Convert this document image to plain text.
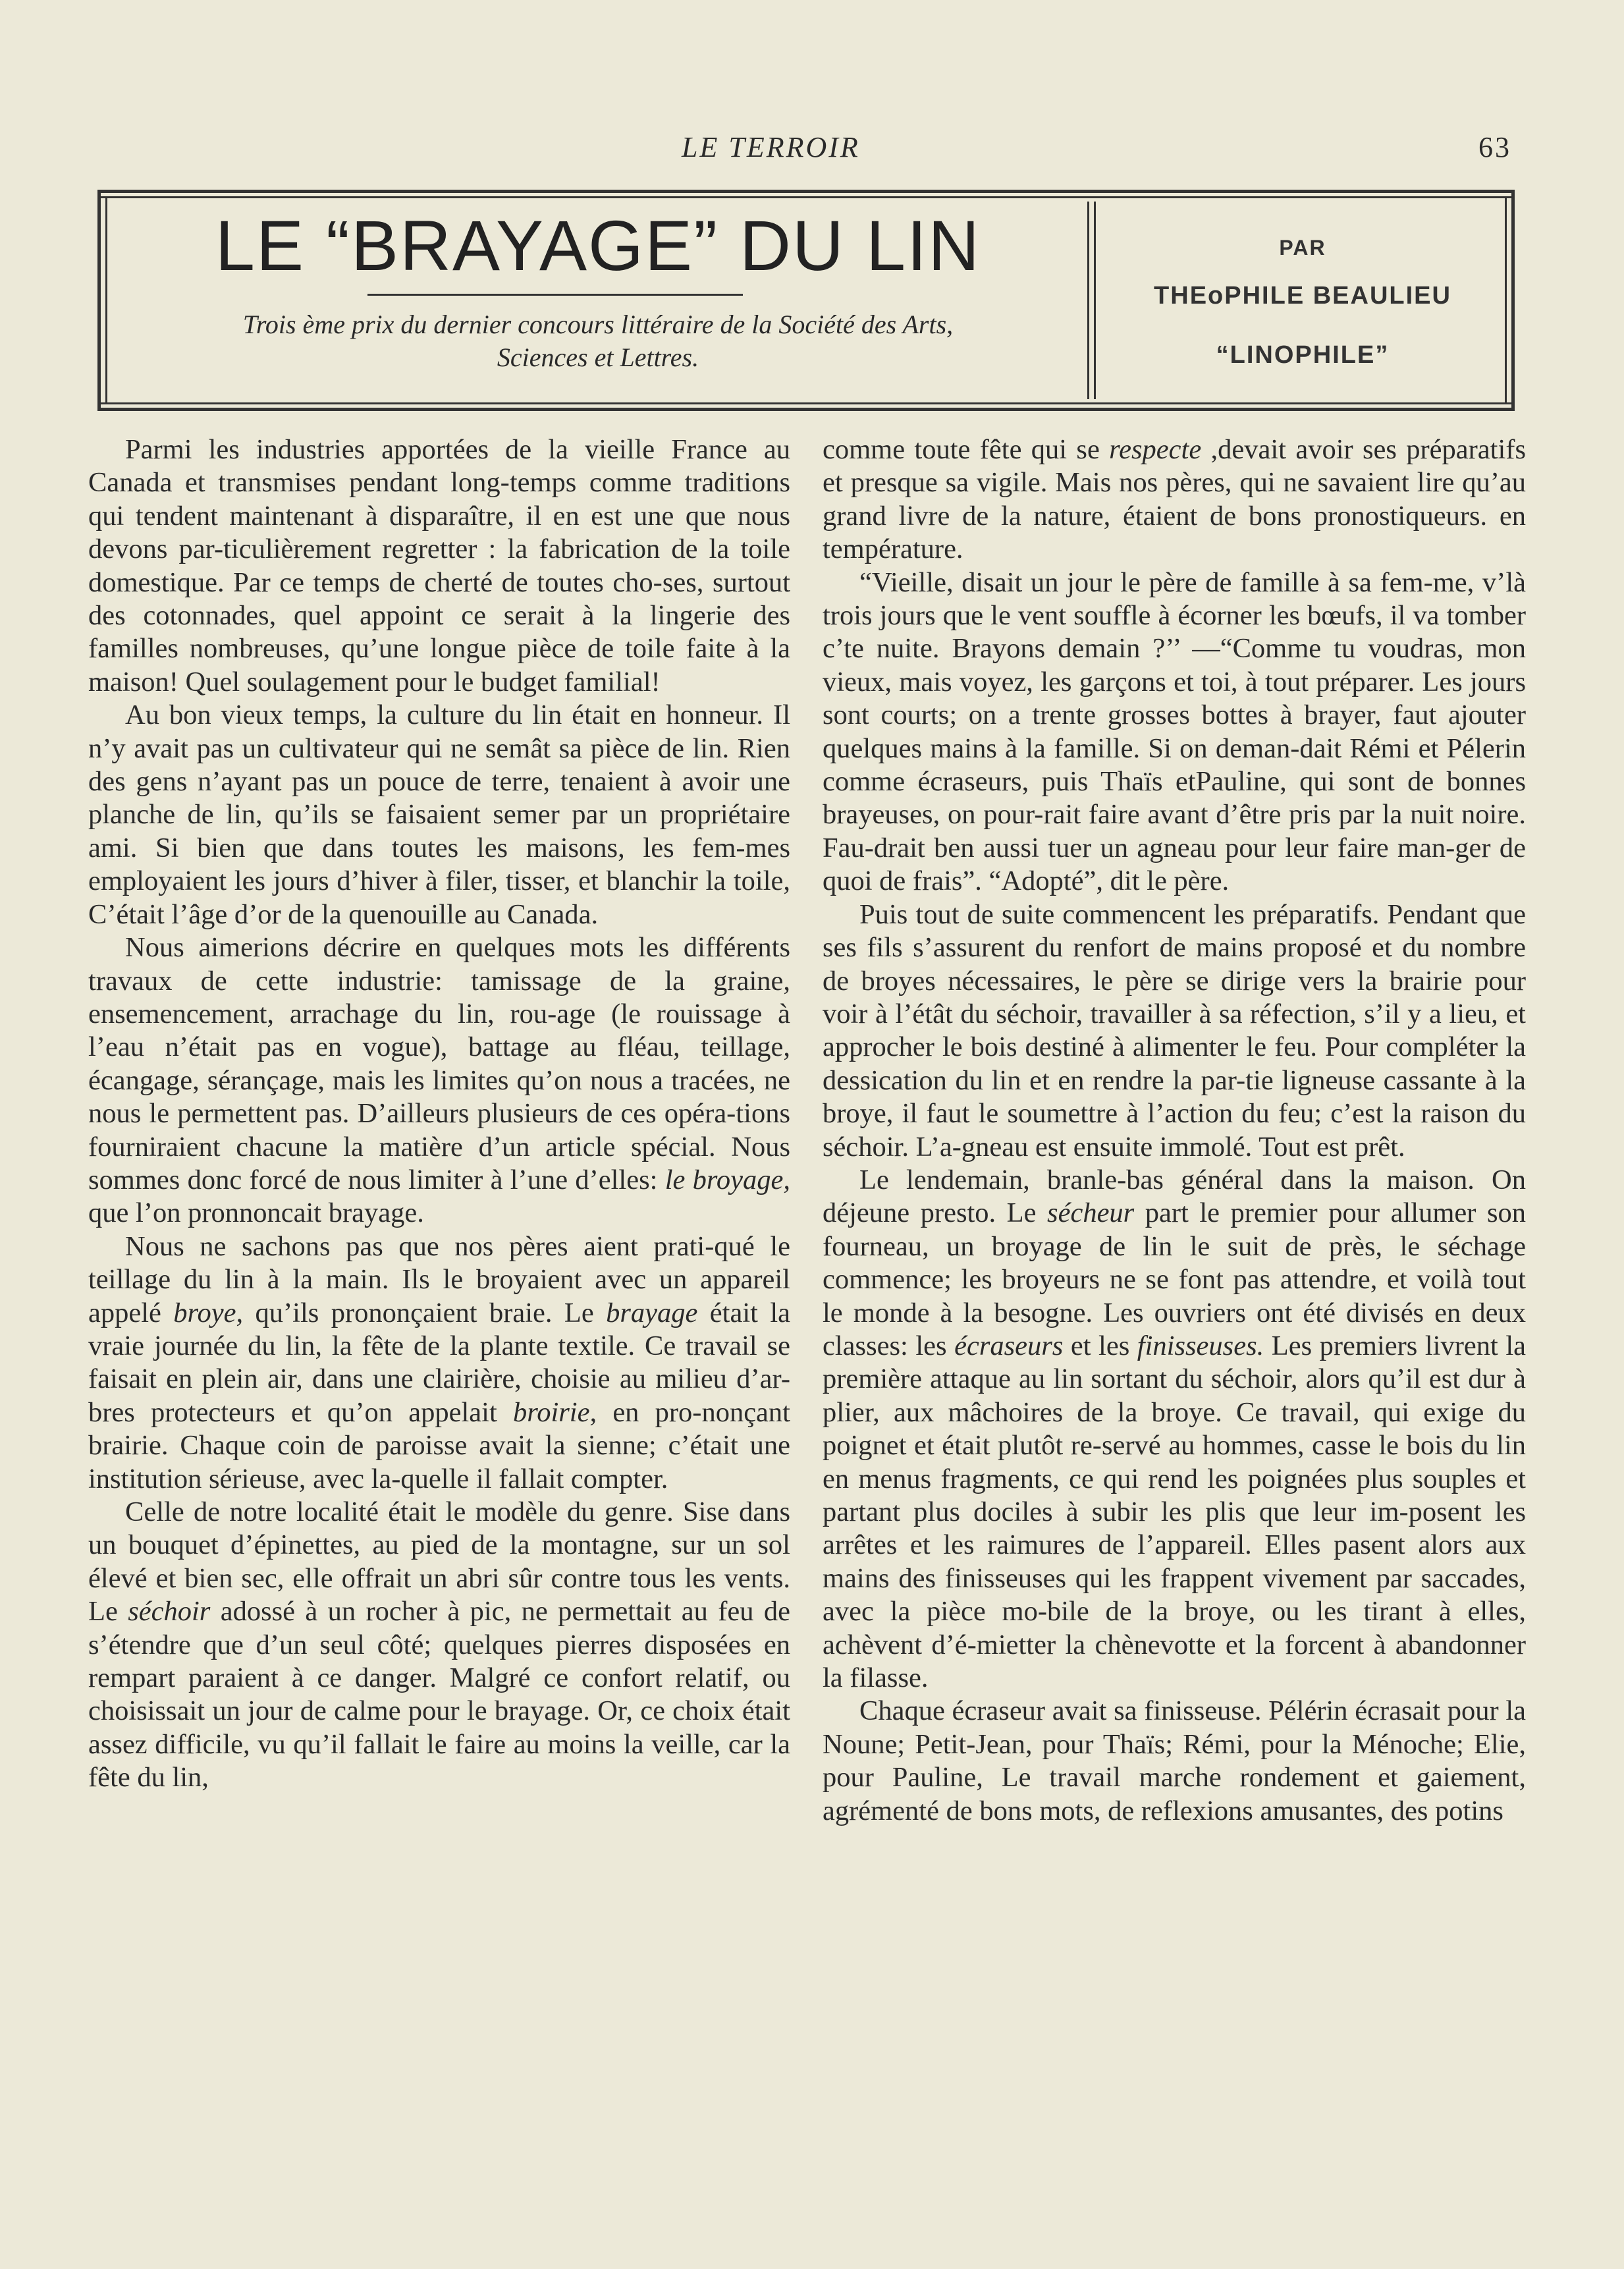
LE TERROIR	63
LE “BRAYAGE” DU LIN
Trois ème prix du dernier concours littéraire de la Société des Arts,
Sciences et Lettres.
PAR
THEoPHILE BEAULIEU
“LINOPHILE”

Parmi les industries apportées de la vieille France au Canada et transmises pendant long-temps comme traditions qui tendent maintenant à disparaître, il en est une que nous devons par-ticulièrement regretter : la fabrication de la toile domestique. Par ce temps de cherté de toutes cho-ses, surtout des cotonnades, quel appoint ce serait à la lingerie des familles nombreuses, qu’une longue pièce de toile faite à la maison! Quel soulagement pour le budget familial!

Au bon vieux temps, la culture du lin était en honneur. Il n’y avait pas un cultivateur qui ne semât sa pièce de lin. Rien des gens n’ayant pas un pouce de terre, tenaient à avoir une planche de lin, qu’ils se faisaient semer par un propriétaire ami. Si bien que dans toutes les maisons, les fem-mes employaient les jours d’hiver à filer, tisser, et blanchir la toile, C’était l’âge d’or de la quenouille au Canada.

Nous aimerions décrire en quelques mots les différents travaux de cette industrie: tamissage de la graine, ensemencement, arrachage du lin, rou-age (le rouissage à l’eau n’était pas en vogue), battage au fléau, teillage, écangage, sérançage, mais les limites qu’on nous a tracées, ne nous le permettent pas. D’ailleurs plusieurs de ces opéra-tions fourniraient chacune la matière d’un article spécial. Nous sommes donc forcé de nous limiter à l’une d’elles: le broyage, que l’on pronnoncait brayage.

Nous ne sachons pas que nos pères aient prati-qué le teillage du lin à la main. Ils le broyaient avec un appareil appelé broye, qu’ils prononçaient braie. Le brayage était la vraie journée du lin, la fête de la plante textile. Ce travail se faisait en plein air, dans une clairière, choisie au milieu d’ar-bres protecteurs et qu’on appelait broirie, en pro-nonçant brairie. Chaque coin de paroisse avait la sienne; c’était une institution sérieuse, avec la-quelle il fallait compter.

Celle de notre localité était le modèle du genre. Sise dans un bouquet d’épinettes, au pied de la montagne, sur un sol élevé et bien sec, elle offrait un abri sûr contre tous les vents. Le séchoir adossé à un rocher à pic, ne permettait au feu de s’étendre que d’un seul côté; quelques pierres disposées en rempart paraient à ce danger. Malgré ce confort relatif, ou choisissait un jour de calme pour le brayage. Or, ce choix était assez difficile, vu qu’il fallait le faire au moins la veille, car la fête du lin,

comme toute fête qui se respecte ,devait avoir ses préparatifs et presque sa vigile. Mais nos pères, qui ne savaient lire qu’au grand livre de la nature, étaient de bons pronostiqueurs. en température.

“Vieille, disait un jour le père de famille à sa fem-me, v’là trois jours que le vent souffle à écorner les bœufs, il va tomber c’te nuite. Brayons demain ?’’ —“Comme tu voudras, mon vieux, mais voyez, les garçons et toi, à tout préparer. Les jours sont courts; on a trente grosses bottes à brayer, faut ajouter quelques mains à la famille. Si on deman-dait Rémi et Pélerin comme écraseurs, puis Thaïs etPauline, qui sont de bonnes brayeuses, on pour-rait faire avant d’être pris par la nuit noire. Fau-drait ben aussi tuer un agneau pour leur faire man-ger de quoi de frais”. “Adopté”, dit le père.

Puis tout de suite commencent les préparatifs. Pendant que ses fils s’assurent du renfort de mains proposé et du nombre de broyes nécessaires, le père se dirige vers la brairie pour voir à l’étât du séchoir, travailler à sa réfection, s’il y a lieu, et approcher le bois destiné à alimenter le feu. Pour compléter la dessication du lin et en rendre la par-tie ligneuse cassante à la broye, il faut le soumettre à l’action du feu; c’est la raison du séchoir. L’a-gneau est ensuite immolé. Tout est prêt.

Le lendemain, branle-bas général dans la maison. On déjeune presto. Le sécheur part le premier pour allumer son fourneau, un broyage de lin le suit de près, le séchage commence; les broyeurs ne se font pas attendre, et voilà tout le monde à la besogne. Les ouvriers ont été divisés en deux classes: les écraseurs et les finisseuses. Les premiers livrent la première attaque au lin sortant du séchoir, alors qu’il est dur à plier, aux mâchoires de la broye. Ce travail, qui exige du poignet et était plutôt re-servé au hommes, casse le bois du lin en menus fragments, ce qui rend les poignées plus souples et partant plus dociles à subir les plis que leur im-posent les arrêtes et les raimures de l’appareil. Elles pasent alors aux mains des finisseuses qui les frappent vivement par saccades, avec la pièce mo-bile de la broye, ou les tirant à elles, achèvent d’é-mietter la chènevotte et la forcent à abandonner la filasse.

Chaque écraseur avait sa finisseuse. Pélérin écrasait pour la Noune; Petit-Jean, pour Thaïs; Rémi, pour la Ménoche; Elie, pour Pauline, Le travail marche rondement et gaiement, agrémenté de bons mots, de reflexions amusantes, des potins
